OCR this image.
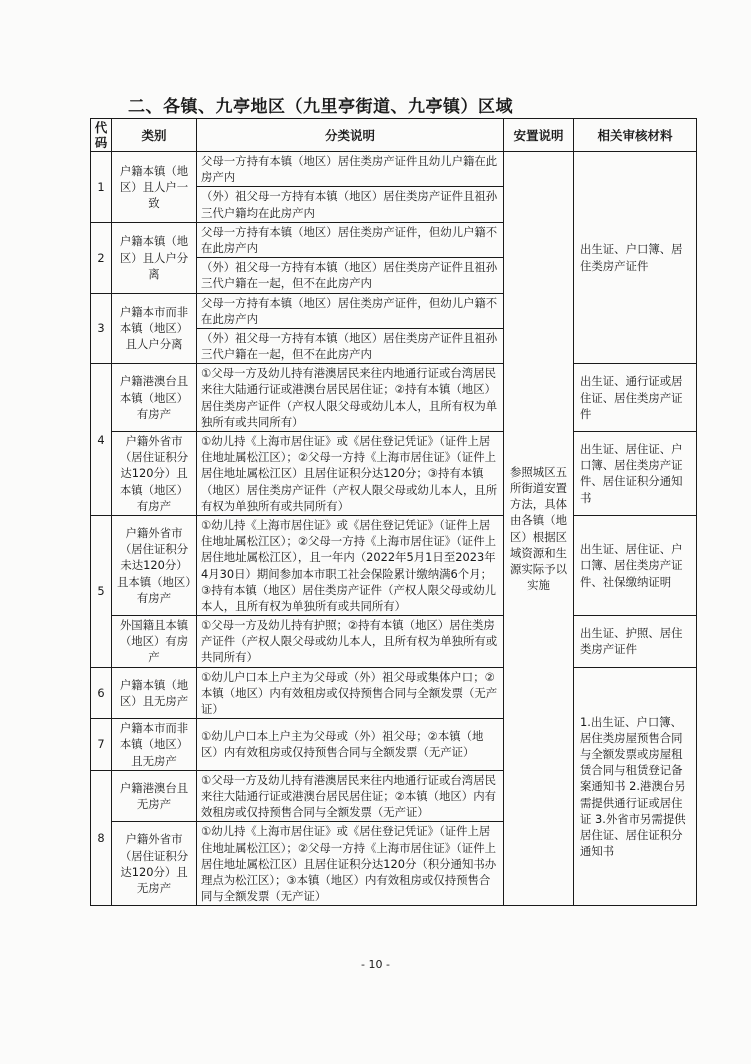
二、各镇、九亭地区（九里亭街道、九亭镇）区域
代码	类别	分类说明	安置说明	相关审核材料
1	户籍本镇（地区）且人户一致	父母一方持有本镇（地区）居住类房产证件且幼儿户籍在此房产内	参照城区五所街道安置方法，具体由各镇（地区）根据区域资源和生源实际予以实施	出生证、户口簿、居住类房产证件
		（外）祖父母一方持有本镇（地区）居住类房产证件且祖孙三代户籍均在此房产内		
2	户籍本镇（地区）且人户分离	父母一方持有本镇（地区）居住类房产证件，但幼儿户籍不在此房产内		
		（外）祖父母一方持有本镇（地区）居住类房产证件且祖孙三代户籍在一起，但不在此房产内		
3	户籍本市而非本镇（地区）且人户分离	父母一方持有本镇（地区）居住类房产证件，但幼儿户籍不在此房产内		
		（外）祖父母一方持有本镇（地区）居住类房产证件且祖孙三代户籍在一起，但不在此房产内		
4	户籍港澳台且本镇（地区）有房产	①父母一方及幼儿持有港澳居民来往内地通行证或台湾居民来往大陆通行证或港澳台居民居住证；②持有本镇（地区）居住类房产证件（产权人限父母或幼儿本人，且所有权为单独所有或共同所有）		出生证、通行证或居住证、居住类房产证件
	户籍外省市（居住证积分达120分）且本镇（地区）有房产	①幼儿持《上海市居住证》或《居住登记凭证》（证件上居住地址属松江区）；②父母一方持《上海市居住证》（证件上居住地址属松江区）且居住证积分达120分；③持有本镇（地区）居住类房产证件（产权人限父母或幼儿本人，且所有权为单独所有或共同所有）		出生证、居住证、户口簿、居住类房产证件、居住证积分通知书
5	户籍外省市（居住证积分未达120分）且本镇（地区）有房产	①幼儿持《上海市居住证》或《居住登记凭证》（证件上居住地址属松江区）；②父母一方持《上海市居住证》（证件上居住地址属松江区），且一年内（2022年5月1日至2023年4月30日）期间参加本市职工社会保险累计缴纳满6个月；③持有本镇（地区）居住类房产证件（产权人限父母或幼儿本人，且所有权为单独所有或共同所有）		出生证、居住证、户口簿、居住类房产证件、社保缴纳证明
	外国籍且本镇（地区）有房产	①父母一方及幼儿持有护照；②持有本镇（地区）居住类房产证件（产权人限父母或幼儿本人，且所有权为单独所有或共同所有）		出生证、护照、居住类房产证件
6	户籍本镇（地区）且无房产	①幼儿户口本上户主为父母或（外）祖父母或集体户口；②本镇（地区）内有效租房或仅持预售合同与全额发票（无产证）		1.出生证、户口簿、居住类房屋预售合同与全额发票或房屋租赁合同与租赁登记备案通知书 2.港澳台另需提供通行证或居住证 3.外省市另需提供居住证、居住证积分通知书
7	户籍本市而非本镇（地区）且无房产	①幼儿户口本上户主为父母或（外）祖父母；②本镇（地区）内有效租房或仅持预售合同与全额发票（无产证）		
8	户籍港澳台且无房产	①父母一方及幼儿持有港澳居民来往内地通行证或台湾居民来往大陆通行证或港澳台居民居住证；②本镇（地区）内有效租房或仅持预售合同与全额发票（无产证）		
	户籍外省市（居住证积分达120分）且无房产	①幼儿持《上海市居住证》或《居住登记凭证》（证件上居住地址属松江区）；②父母一方持《上海市居住证》（证件上居住地址属松江区）且居住证积分达120分（积分通知书办理点为松江区）；③本镇（地区）内有效租房或仅持预售合同与全额发票（无产证）		
- 10 -
